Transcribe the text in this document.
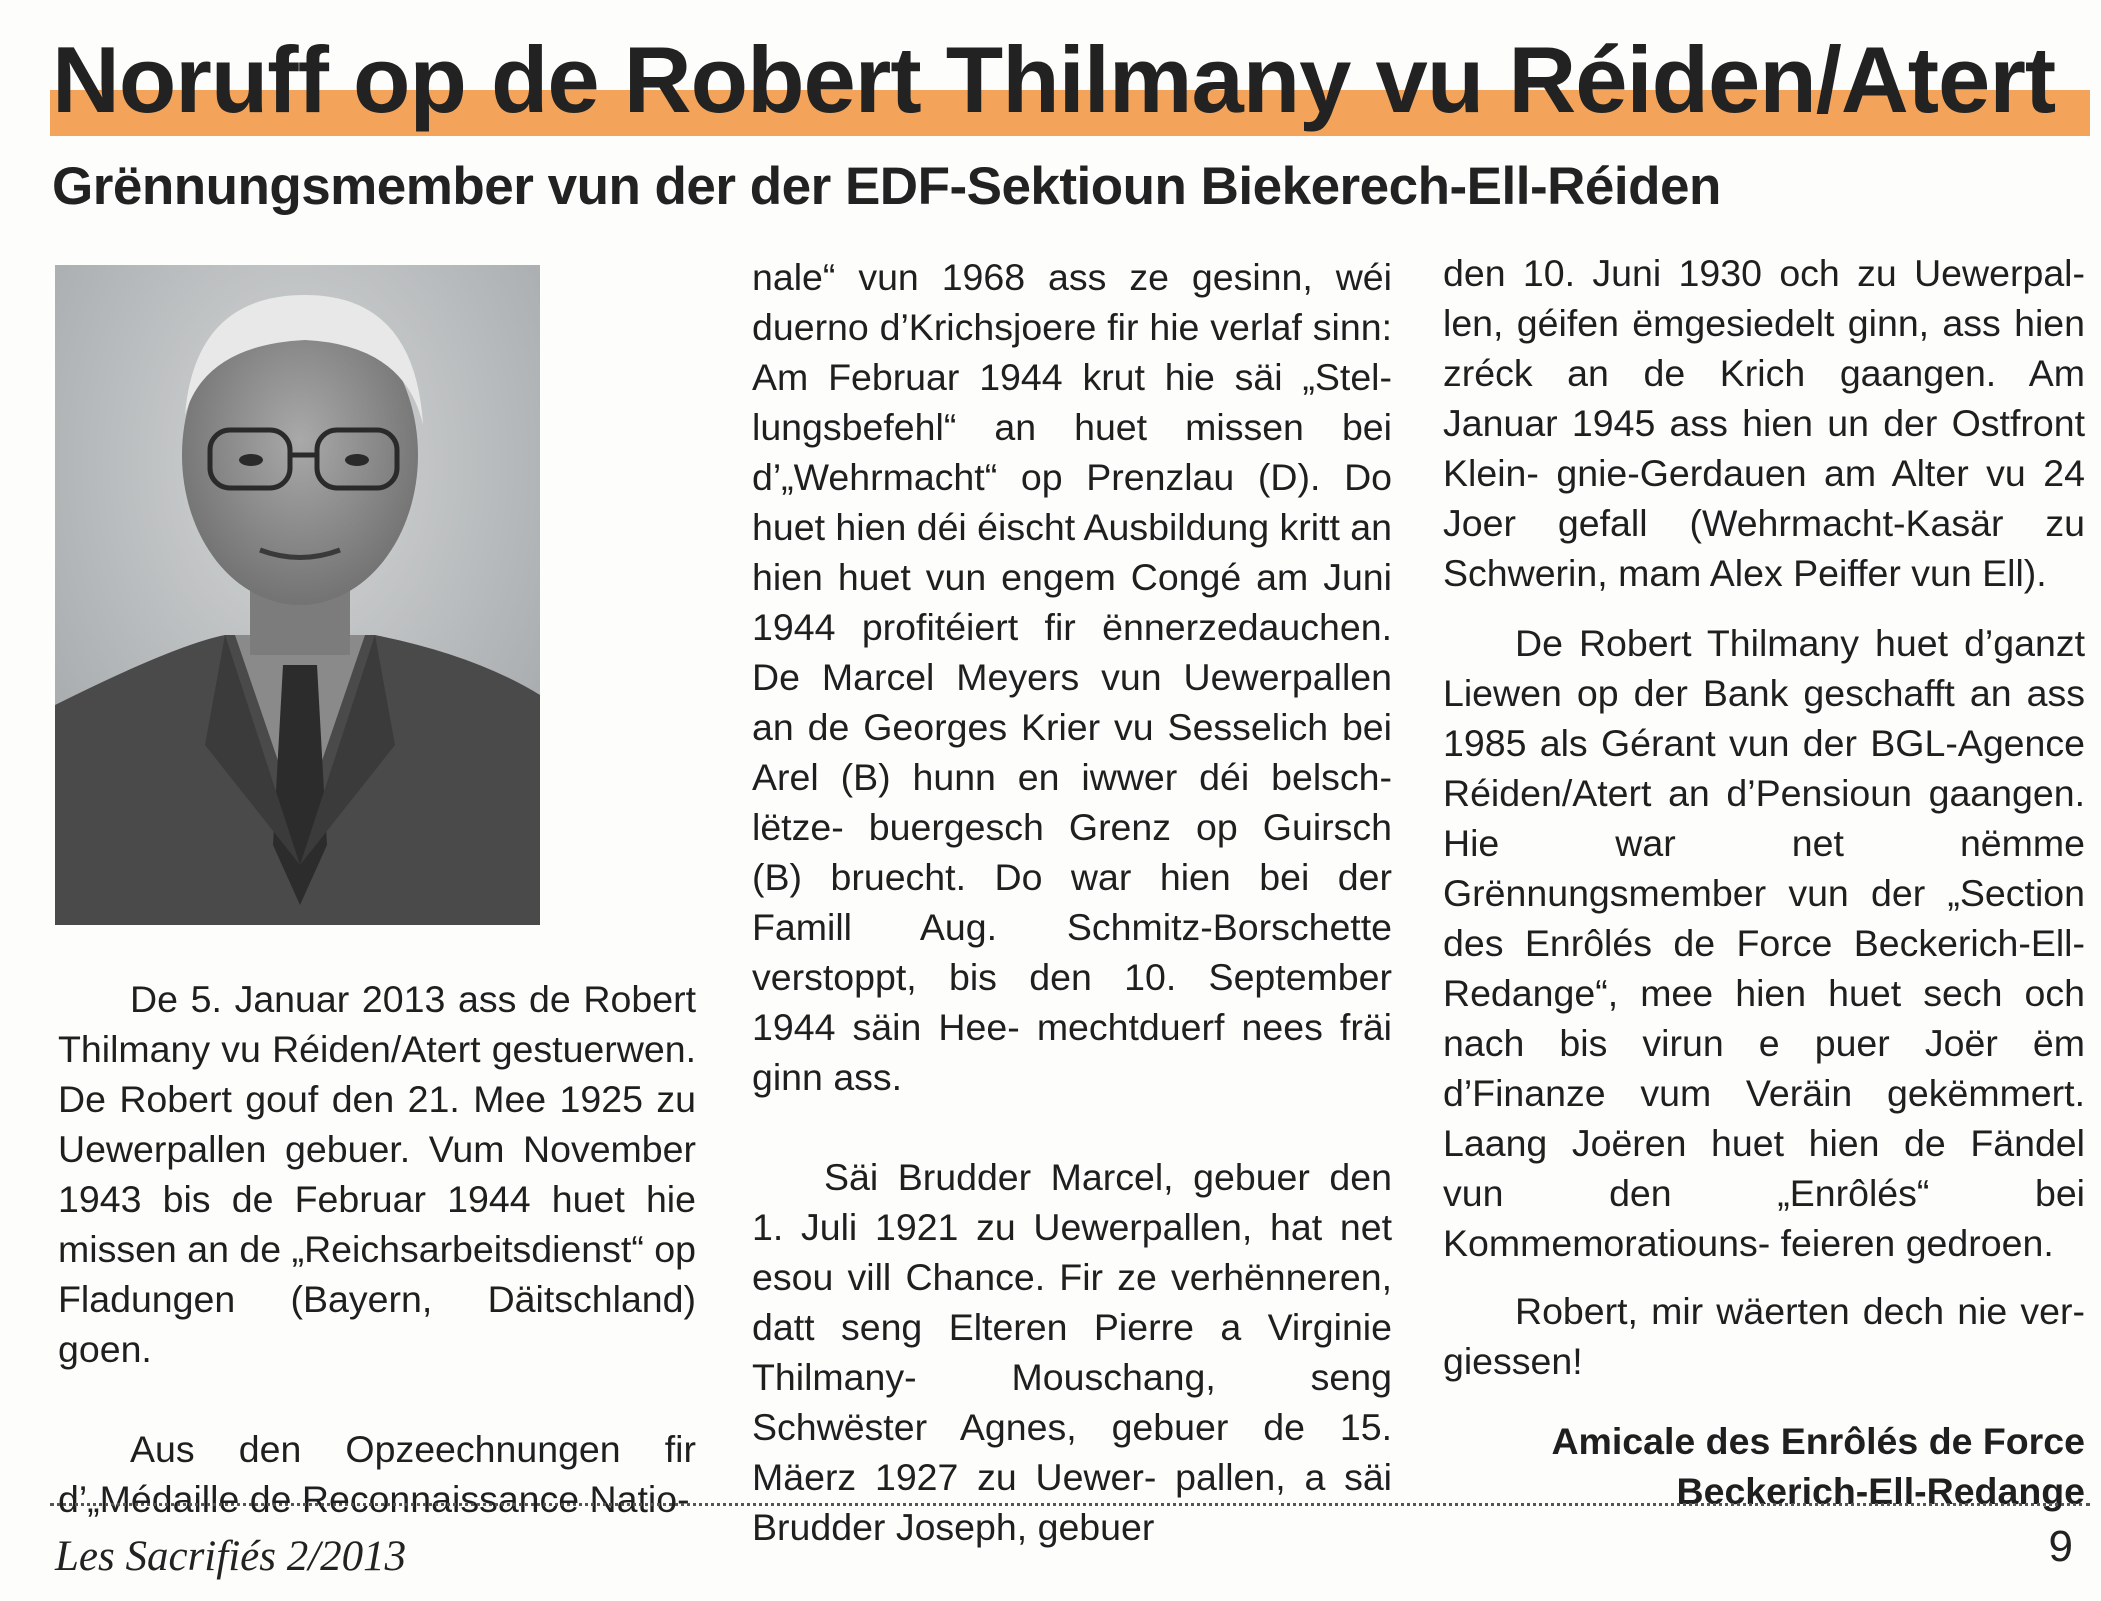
Noruff op de Robert Thilmany vu Réiden/Atert
Grënnungsmember vun der der EDF-Sektioun Biekerech-Ell-Réiden

De 5. Januar 2013 ass de Robert Thilmany vu Réiden/Atert gestuerwen. De Robert gouf den 21. Mee 1925 zu Uewerpallen gebuer. Vum November 1943 bis de Februar 1944 huet hie missen an de „Reichsarbeitsdienst“ op Fladungen (Bayern, Däitschland) goen.

Aus den Opzeechnungen fir d’„Médaille de Reconnaissance Natio-

nale“ vun 1968 ass ze gesinn, wéi duerno d’Krichsjoere fir hie verlaf sinn: Am Februar 1944 krut hie säi „Stel- lungsbefehl“ an huet missen bei d’„Wehrmacht“ op Prenzlau (D). Do huet hien déi éischt Ausbildung kritt an hien huet vun engem Congé am Juni 1944 profitéiert fir ënnerzedauchen. De Marcel Meyers vun Uewerpallen an de Georges Krier vu Sesselich bei Arel (B) hunn en iwwer déi belsch-lëtze- buergesch Grenz op Guirsch (B) bruecht. Do war hien bei der Famill Aug. Schmitz-Borschette verstoppt, bis den 10. September 1944 säin Hee- mechtduerf nees fräi ginn ass.

Säi Brudder Marcel, gebuer den 1. Juli 1921 zu Uewerpallen, hat net esou vill Chance. Fir ze verhënneren, datt seng Elteren Pierre a Virginie Thilmany-	Mouschang, seng Schwëster Agnes, gebuer de 15. Mäerz 1927 zu Uewer- pallen, a säi Brudder Joseph, gebuer

den 10. Juni 1930 och zu Uewerpal- len, géifen ëmgesiedelt ginn, ass hien zréck an de Krich gaangen. Am Januar 1945 ass hien un der Ostfront Klein- gnie-Gerdauen am Alter vu 24 Joer gefall (Wehrmacht-Kasär zu Schwerin, mam Alex Peiffer vun Ell).

De Robert Thilmany huet d’ganzt Liewen op der Bank geschafft an ass 1985 als Gérant vun der BGL-Agence Réiden/Atert an d’Pensioun gaangen. Hie war net nëmme Grënnungsmember vun der „Section des Enrôlés de Force Beckerich-Ell-Redange“, mee hien huet sech och nach bis virun e puer Joër ëm d’Finanze vum Veräin gekëmmert. Laang Joëren huet hien de Fändel vun	den „Enrôlés“ bei Kommemoratiouns- feieren gedroen.

Robert, mir wäerten dech nie ver- giessen!

Amicale des Enrôlés de Force
Beckerich-Ell-Redange
Les Sacrifiés 2/2013	9
